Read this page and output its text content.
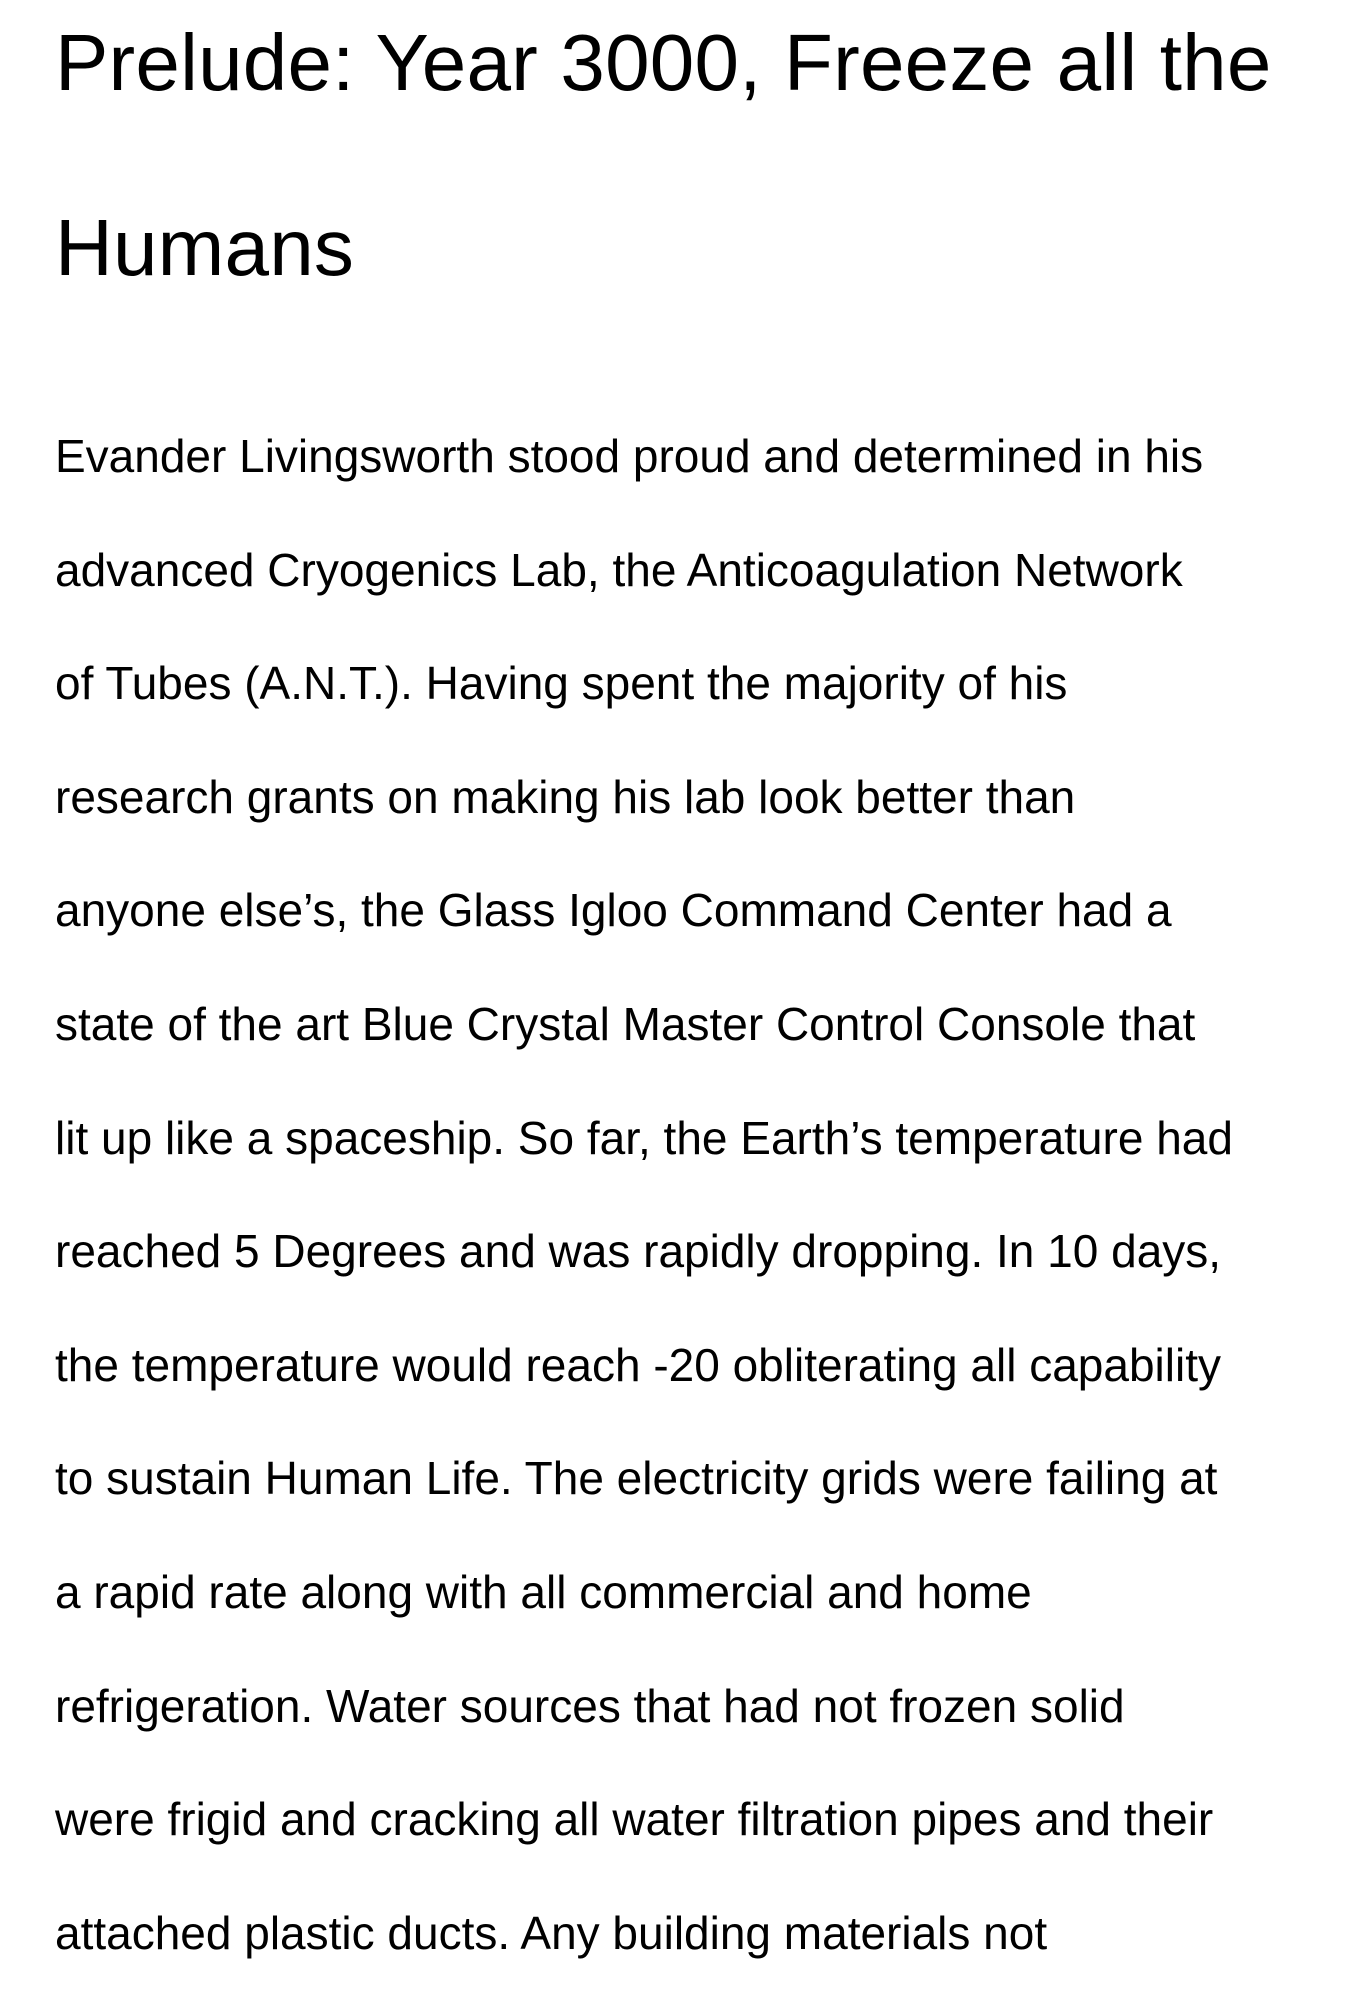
Prelude: Year 3000, Freeze all the
Humans

Evander Livingsworth stood proud and determined in his
advanced Cryogenics Lab, the Anticoagulation Network
of Tubes (A.N.T.). Having spent the majority of his
research grants on making his lab look better than
anyone else’s, the Glass Igloo Command Center had a
state of the art Blue Crystal Master Control Console that
lit up like a spaceship. So far, the Earth’s temperature had
reached 5 Degrees and was rapidly dropping. In 10 days,
the temperature would reach -20 obliterating all capability
to sustain Human Life. The electricity grids were failing at
a rapid rate along with all commercial and home
refrigeration. Water sources that had not frozen solid
were frigid and cracking all water filtration pipes and their
attached plastic ducts. Any building materials not
